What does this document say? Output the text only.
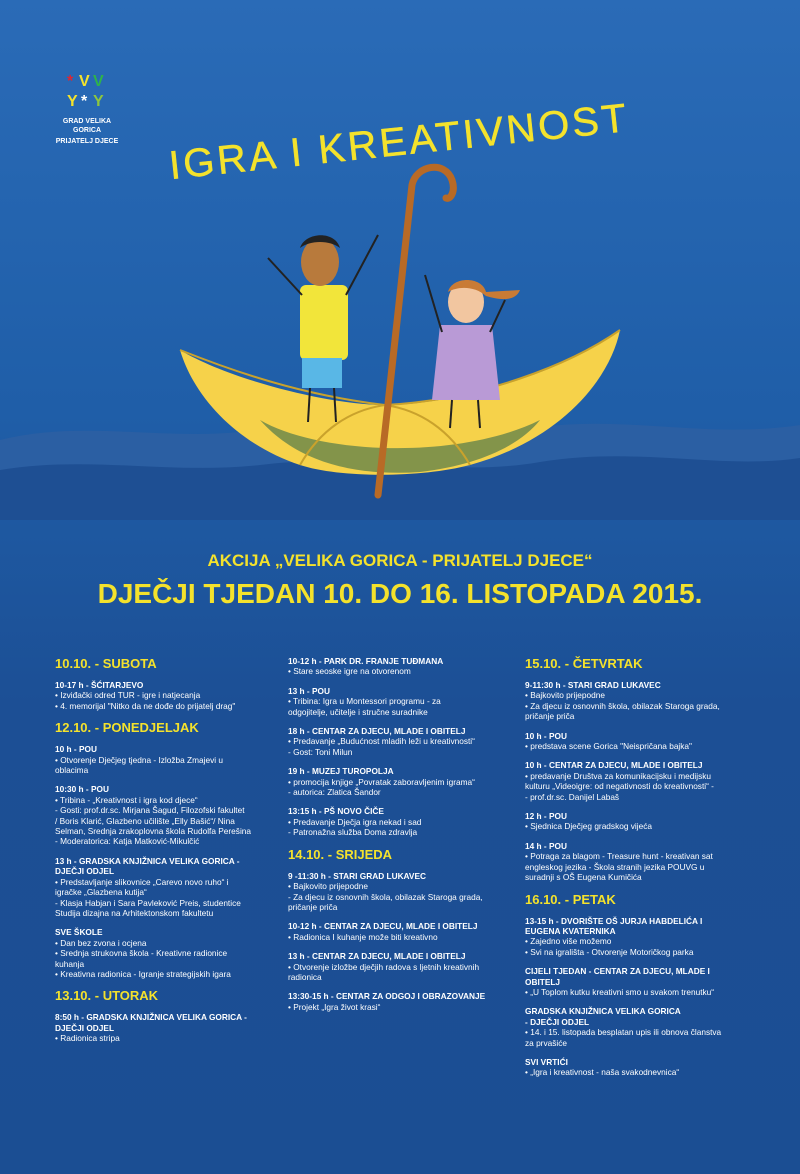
IGRA I KREATIVNOST
* V V
Y * Y
GRAD VELIKA GORICA
PRIJATELJ DJECE
AKCIJA „VELIKA GORICA - PRIJATELJ DJECE“
DJEČJI TJEDAN 10. DO 16. LISTOPADA 2015.
10.10. - SUBOTA
10-17 h - ŠĆITARJEVO
• Izviđački odred TUR - igre i natjecanja
• 4. memorijal "Nitko da ne dođe do prijatelj drag"
12.10. - PONEDJELJAK
10 h - POU
• Otvorenje Dječjeg tjedna - Izložba Zmajevi u
oblacima
10:30 h - POU
• Tribina - „Kreativnost i igra kod djece“
- Gosti: prof.dr.sc. Mirjana Šagud, Filozofski fakultet
/ Boris Klarić, Glazbeno učilište „Elly Bašić“/ Nina
Selman, Srednja zrakoplovna škola Rudolfa Perešina
- Moderatorica: Katja Matković-Mikulčić
13 h - GRADSKA KNJIŽNICA VELIKA GORICA -
DJEČJI ODJEL
• Predstavljanje slikovnice „Carevo novo ruho“ i
igračke „Glazbena kutija“
- Klasja Habjan i Sara Pavleković Preis, studentice
Studija dizajna na Arhitektonskom fakultetu
SVE ŠKOLE
• Dan bez zvona i ocjena
• Srednja strukovna škola - Kreativne radionice
kuhanja
• Kreativna radionica - Igranje strategijskih igara
13.10. - UTORAK
8:50 h - GRADSKA KNJIŽNICA VELIKA GORICA -
DJEČJI ODJEL
• Radionica stripa
10-12 h - PARK DR. FRANJE TUĐMANA
• Stare seoske igre na otvorenom
13 h - POU
• Tribina: Igra u Montessori programu - za
odgojitelje, učitelje i stručne suradnike
18 h - CENTAR ZA DJECU, MLADE I OBITELJ
• Predavanje „Budućnost mladih leži u kreativnosti“
- Gost: Toni Milun
19 h - MUZEJ TUROPOLJA
• promocija knjige „Povratak zaboravljenim igrama“
- autorica: Zlatica Šandor
13:15 h - PŠ NOVO ČIČE
• Predavanje Dječja igra nekad i sad
- Patronažna služba Doma zdravlja
14.10. - SRIJEDA
9 -11:30 h - STARI GRAD LUKAVEC
• Bajkovito prijepodne
- Za djecu iz osnovnih škola, obilazak Staroga grada,
pričanje priča
10-12 h - CENTAR ZA DJECU, MLADE I OBITELJ
• Radionica I kuhanje može biti kreativno
13 h - CENTAR ZA DJECU, MLADE I OBITELJ
• Otvorenje izložbe dječjih radova s ljetnih kreativnih
radionica
13:30-15 h - CENTAR ZA ODGOJ I OBRAZOVANJE
• Projekt „Igra život krasi“
15.10. - ČETVRTAK
9-11:30 h - STARI GRAD LUKAVEC
• Bajkovito prijepodne
• Za djecu iz osnovnih škola, obilazak Staroga grada,
pričanje priča
10 h - POU
• predstava scene Gorica "Neispričana bajka"
10 h - CENTAR ZA DJECU, MLADE I OBITELJ
• predavanje Društva za komunikacijsku i medijsku
kulturu „Videoigre: od negativnosti do kreativnosti“ -
- prof.dr.sc. Danijel Labaš
12 h - POU
• Sjednica Dječjeg gradskog vijeća
14 h - POU
• Potraga za blagom - Treasure hunt - kreativan sat
engleskog jezika - Škola stranih jezika POUVG u
suradnji s OŠ Eugena Kumičića
16.10. - PETAK
13-15 h - DVORIŠTE OŠ JURJA HABDELIĆA I
EUGENA KVATERNIKA
• Zajedno više možemo
• Svi na igrališta - Otvorenje Motoričkog parka
CIJELI TJEDAN - CENTAR ZA DJECU, MLADE I
OBITELJ
• „U Toplom kutku kreativni smo u svakom trenutku“
GRADSKA KNJIŽNICA VELIKA GORICA
- DJEČJI ODJEL
• 14. i 15. listopada besplatan upis ili obnova članstva
za prvašiće
SVI VRTIĆI
• „Igra i kreativnost - naša svakodnevnica“
